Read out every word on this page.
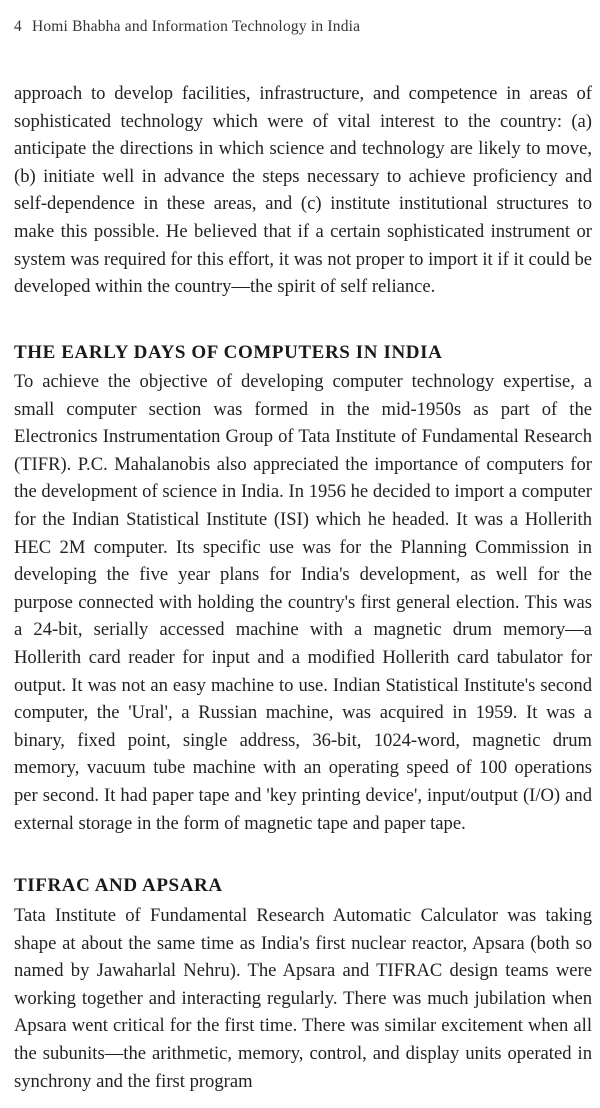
4 Homi Bhabha and Information Technology in India

approach to develop facilities, infrastructure, and competence in areas of sophisticated technology which were of vital interest to the country: (a) anticipate the directions in which science and technology are likely to move, (b) initiate well in advance the steps necessary to achieve proficiency and self-dependence in these areas, and (c) institute institutional structures to make this possible. He believed that if a certain sophisticated instrument or system was required for this effort, it was not proper to import it if it could be developed within the country—the spirit of self reliance.

THE EARLY DAYS OF COMPUTERS IN INDIA

To achieve the objective of developing computer technology expertise, a small computer section was formed in the mid-1950s as part of the Electronics Instrumentation Group of Tata Institute of Fundamental Research (TIFR). P.C. Mahalanobis also appreciated the importance of computers for the development of science in India. In 1956 he decided to import a computer for the Indian Statistical Institute (ISI) which he headed. It was a Hollerith HEC 2M computer. Its specific use was for the Planning Commission in developing the five year plans for India's development, as well for the purpose connected with holding the country's first general election. This was a 24-bit, serially accessed machine with a magnetic drum memory—a Hollerith card reader for input and a modified Hollerith card tabulator for output. It was not an easy machine to use. Indian Statistical Institute's second computer, the 'Ural', a Russian machine, was acquired in 1959. It was a binary, fixed point, single address, 36-bit, 1024-word, magnetic drum memory, vacuum tube machine with an operating speed of 100 operations per second. It had paper tape and 'key printing device', input/output (I/O) and external storage in the form of magnetic tape and paper tape.

TIFRAC AND APSARA

Tata Institute of Fundamental Research Automatic Calculator was taking shape at about the same time as India's first nuclear reactor, Apsara (both so named by Jawaharlal Nehru). The Apsara and TIFRAC design teams were working together and interacting regularly. There was much jubilation when Apsara went critical for the first time. There was similar excitement when all the subunits—the arithmetic, memory, control, and display units operated in synchrony and the first program
